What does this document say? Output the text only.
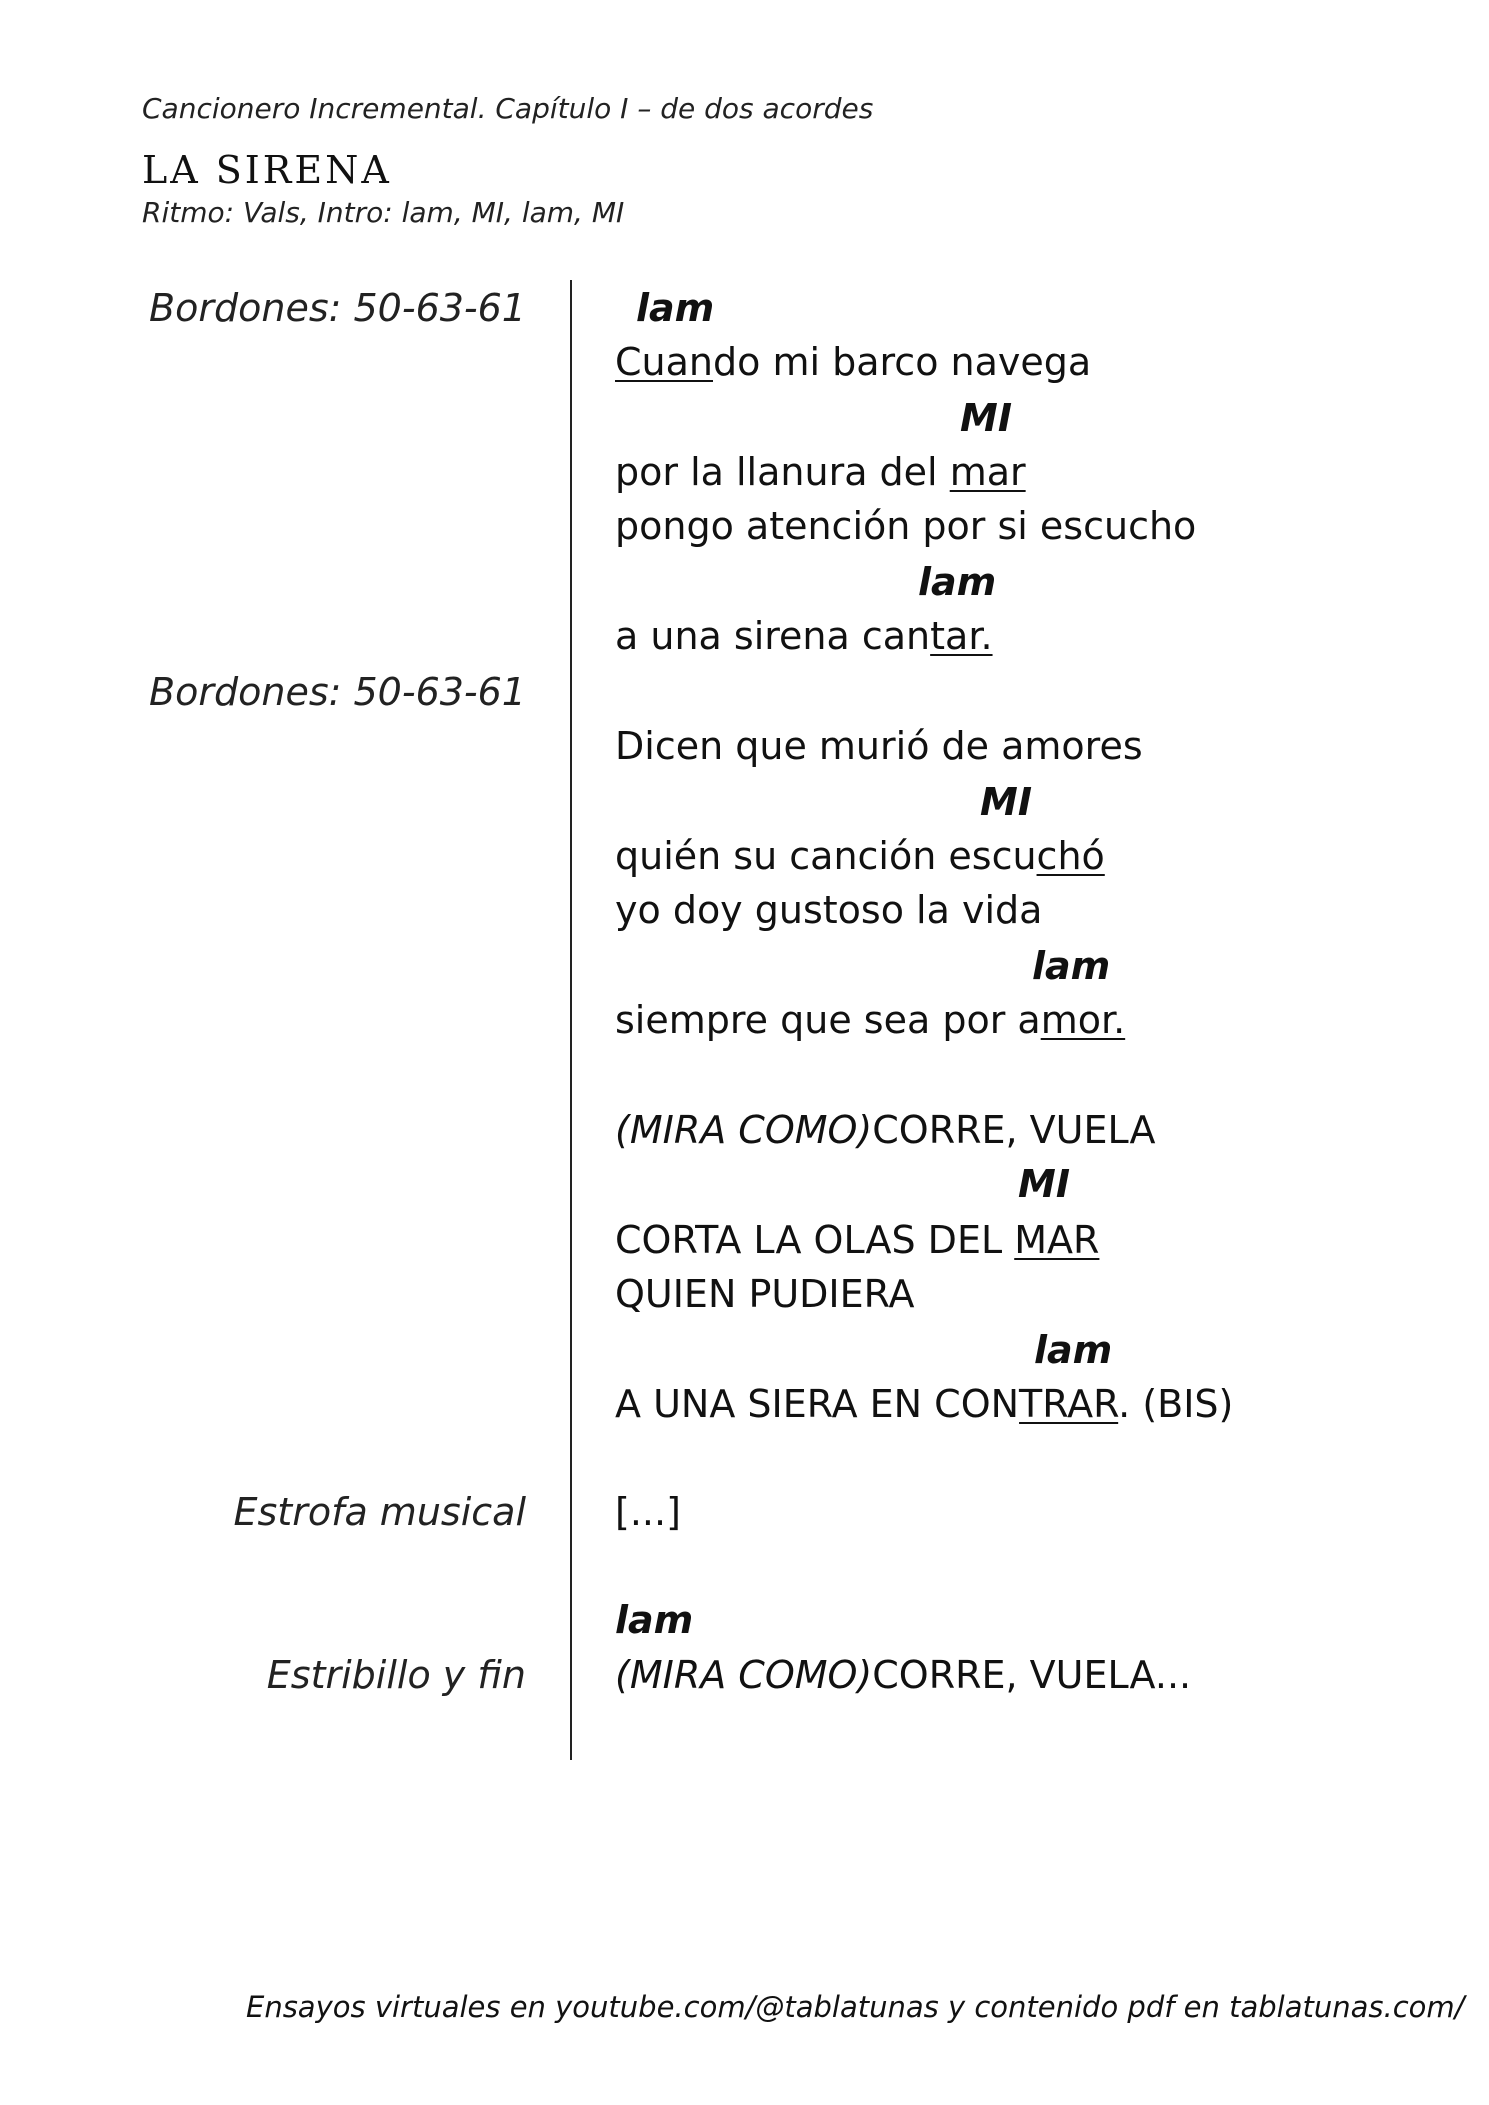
Cancionero Incremental. Capítulo I – de dos acordes
LA SIRENA
Ritmo: Vals, Intro: lam, MI, lam, MI
Bordones: 50-63-61
Bordones: 50-63-61
Estrofa musical
Estribillo y fin
lam
Cuando mi barco navega
MI
por la llanura del mar
pongo atención por si escucho
lam
a una sirena cantar.
Dicen que murió de amores
MI
quién su canción escuchó
yo doy gustoso la vida
lam
siempre que sea por amor.
(MIRA COMO)CORRE, VUELA
MI
CORTA LA OLAS DEL MAR
QUIEN PUDIERA
lam
A UNA SIERA EN CONTRAR. (BIS)
[...]
lam
(MIRA COMO)CORRE, VUELA...
Ensayos virtuales en youtube.com/@tablatunas y contenido pdf en tablatunas.com/
